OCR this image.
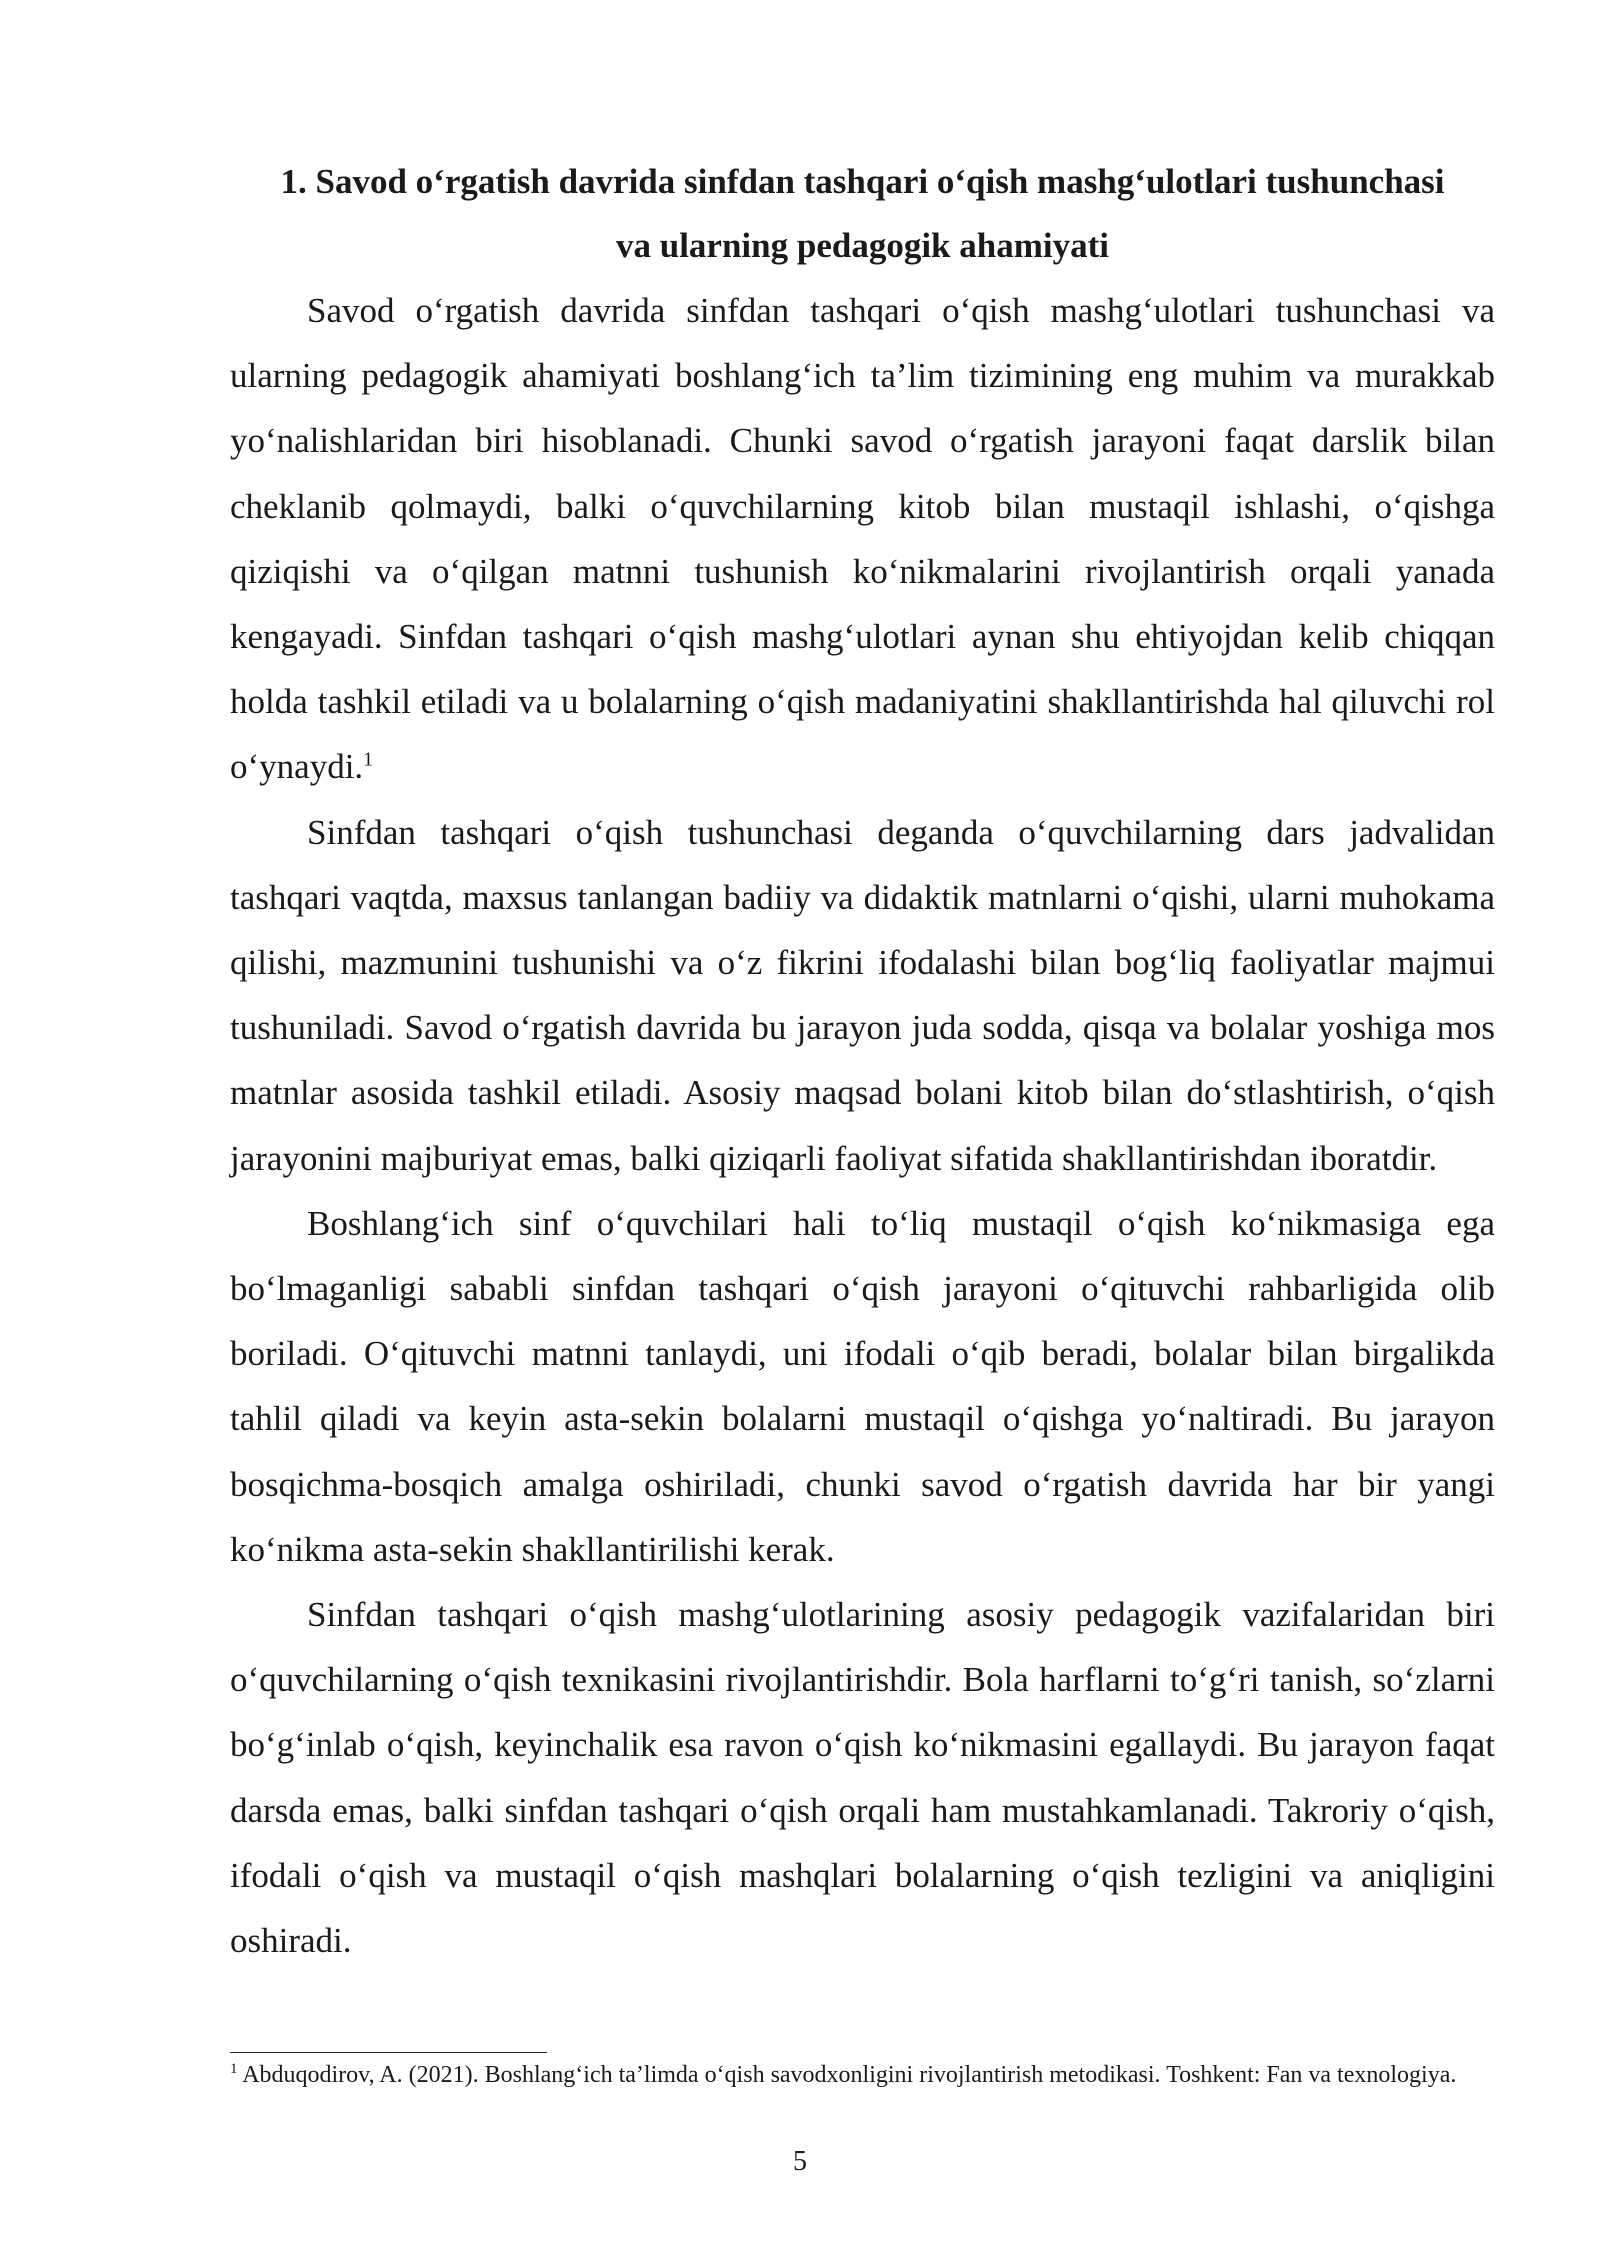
1. Savod o‘rgatish davrida sinfdan tashqari o‘qish mashg‘ulotlari tushunchasi
va ularning pedagogik ahamiyati

Savod o‘rgatish davrida sinfdan tashqari o‘qish mashg‘ulotlari tushunchasi va ularning pedagogik ahamiyati boshlang‘ich ta’lim tizimining eng muhim va murakkab yo‘nalishlaridan biri hisoblanadi. Chunki savod o‘rgatish jarayoni faqat darslik bilan cheklanib qolmaydi, balki o‘quvchilarning kitob bilan mustaqil ishlashi, o‘qishga qiziqishi va o‘qilgan matnni tushunish ko‘nikmalarini rivojlantirish orqali yanada kengayadi. Sinfdan tashqari o‘qish mashg‘ulotlari aynan shu ehtiyojdan kelib chiqqan holda tashkil etiladi va u bolalarning o‘qish madaniyatini shakllantirishda hal qiluvchi rol o‘ynaydi.$^1$

Sinfdan tashqari o‘qish tushunchasi deganda o‘quvchilarning dars jadvalidan tashqari vaqtda, maxsus tanlangan badiiy va didaktik matnlarni o‘qishi, ularni muhokama qilishi, mazmunini tushunishi va o‘z fikrini ifodalashi bilan bog‘liq faoliyatlar majmui tushuniladi. Savod o‘rgatish davrida bu jarayon juda sodda, qisqa va bolalar yoshiga mos matnlar asosida tashkil etiladi. Asosiy maqsad bolani kitob bilan do‘stlashtirish, o‘qish jarayonini majburiyat emas, balki qiziqarli faoliyat sifatida shakllantirishdan iboratdir.

Boshlang‘ich sinf o‘quvchilari hali to‘liq mustaqil o‘qish ko‘nikmasiga ega bo‘lmaganligi sababli sinfdan tashqari o‘qish jarayoni o‘qituvchi rahbarligida olib boriladi. O‘qituvchi matnni tanlaydi, uni ifodali o‘qib beradi, bolalar bilan birgalikda tahlil qiladi va keyin asta-sekin bolalarni mustaqil o‘qishga yo‘naltiradi. Bu jarayon bosqichma-bosqich amalga oshiriladi, chunki savod o‘rgatish davrida har bir yangi ko‘nikma asta-sekin shakllantirilishi kerak.

Sinfdan tashqari o‘qish mashg‘ulotlarining asosiy pedagogik vazifalaridan biri o‘quvchilarning o‘qish texnikasini rivojlantirishdir. Bola harflarni to‘g‘ri tanish, so‘zlarni bo‘g‘inlab o‘qish, keyinchalik esa ravon o‘qish ko‘nikmasini egallaydi. Bu jarayon faqat darsda emas, balki sinfdan tashqari o‘qish orqali ham mustahkamlanadi. Takroriy o‘qish, ifodali o‘qish va mustaqil o‘qish mashqlari bolalarning o‘qish tezligini va aniqligini oshiradi.

$^1$ Abduqodirov, A. (2021). Boshlang‘ich ta’limda o‘qish savodxonligini rivojlantirish metodikasi. Toshkent: Fan va texnologiya.

5
